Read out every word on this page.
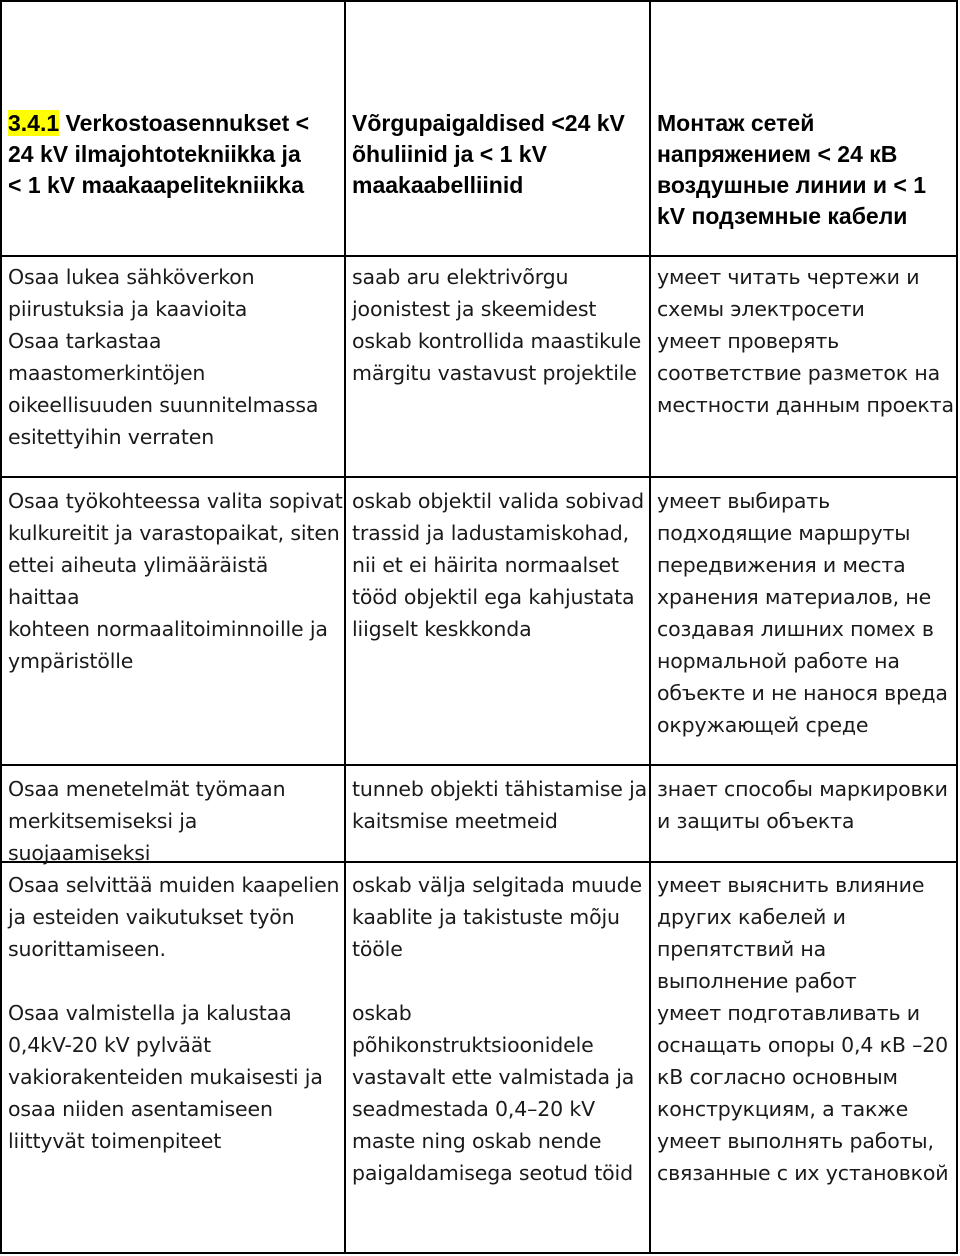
3.4.1 Verkostoasennukset <
24 kV ilmajohtotekniikka ja
< 1 kV maakaapelitekniikka
Võrgupaigaldised <24 kV
õhuliinid ja < 1 kV
maakaabelliinid
Монтаж сетей
напряжением < 24 кВ
воздушные линии и < 1
kV подземные кабели
Osaa lukea sähköverkon
piirustuksia ja kaavioita
saab aru elektrivõrgu
joonistest ja skeemidest
умеет читать чертежи и
схемы электросети
Osaa tarkastaa
maastomerkintöjen
oikeellisuuden suunnitelmassa
esitettyihin verraten
oskab kontrollida maastikule
märgitu vastavust projektile
умеет проверять
соответствие разметок на
местности данным проекта
Osaa työkohteessa valita sopivat
kulkureitit ja varastopaikat, siten
ettei aiheuta ylimääräistä haittaa
kohteen normaalitoiminnoille ja
ympäristölle
oskab objektil valida sobivad
trassid ja ladustamiskohad,
nii et ei häirita normaalset
tööd objektil ega kahjustata
liigselt keskkonda
умеет выбирать
подходящие маршруты
передвижения и места
хранения материалов, не
создавая лишних помех в
нормальной работе на
объекте и не нанося вреда
окружающей среде
Osaa menetelmät työmaan
merkitsemiseksi ja suojaamiseksi
tunneb objekti tähistamise ja
kaitsmise meetmeid
знает способы маркировки
и защиты объекта
Osaa selvittää muiden kaapelien
ja esteiden vaikutukset työn
suorittamiseen.
oskab välja selgitada muude
kaablite ja takistuste mõju
tööle
умеет выяснить влияние
других кабелей и
препятствий на
выполнение работ
Osaa valmistella ja kalustaa
0,4kV-20 kV pylväät
vakiorakenteiden mukaisesti ja
osaa niiden asentamiseen
liittyvät toimenpiteet
oskab
põhikonstruktsioonidele
vastavalt ette valmistada ja
seadmestada 0,4–20 kV
maste ning oskab nende
paigaldamisega seotud töid
умеет подготавливать и
оснащать опоры 0,4 кВ –20
кВ согласно основным
конструкциям, а также
умеет выполнять работы,
связанные с их установкой
